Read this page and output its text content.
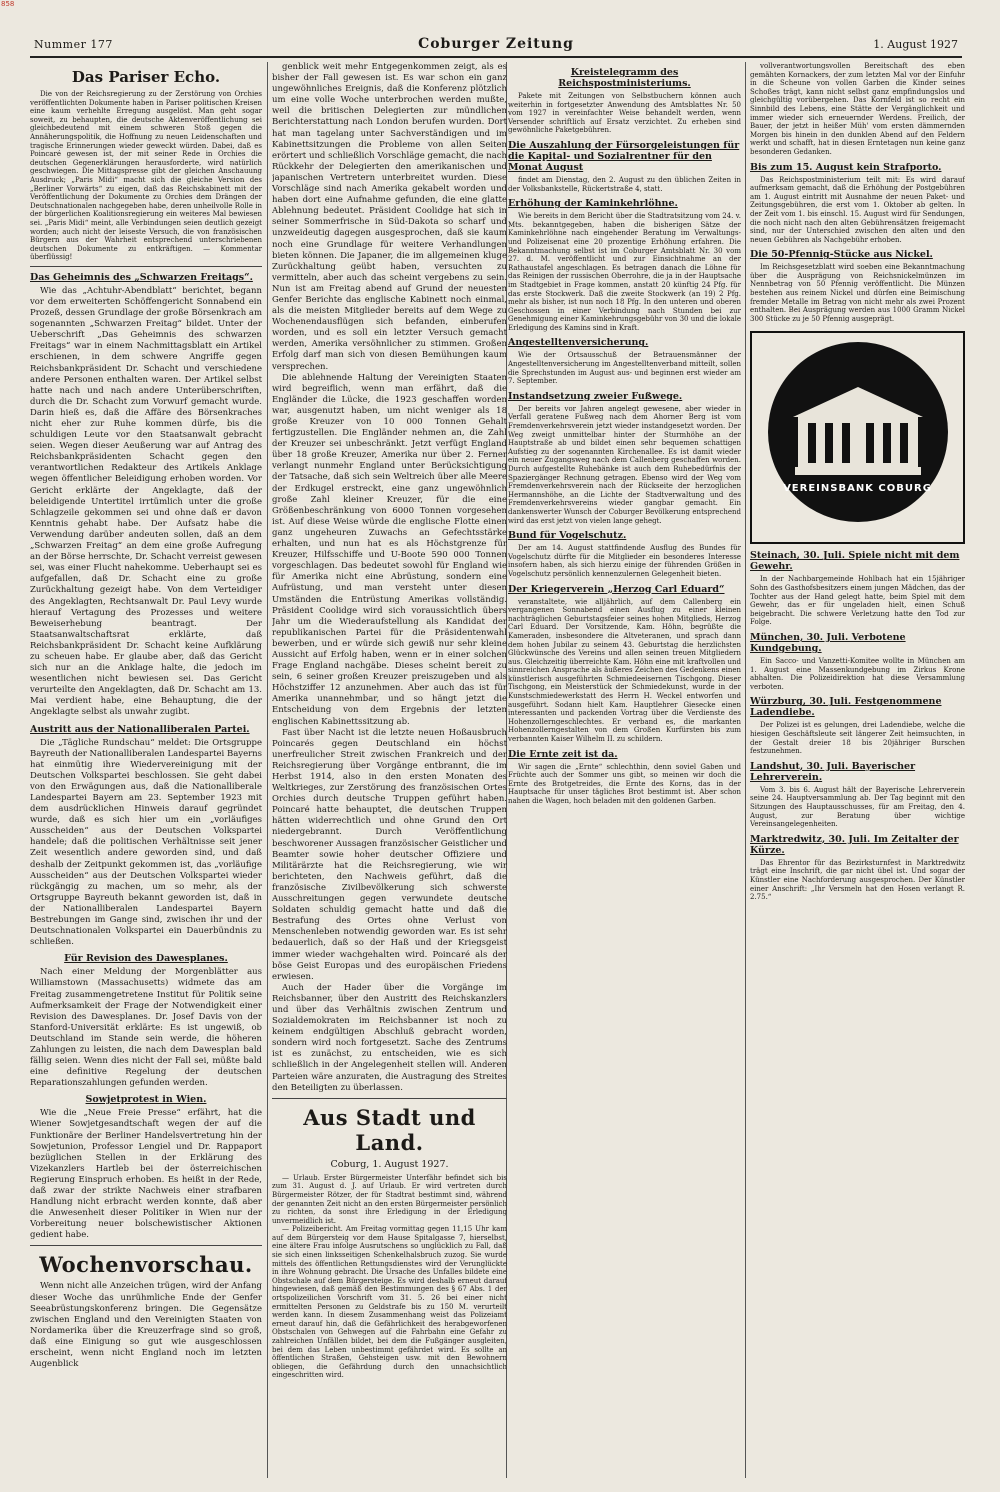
858
Nummer 177	Coburger Zeitung	1. August 1927
Das Pariser Echo.

Die von der Reichsregierung zu der Zerstörung von Orchies veröffentlichten Dokumente haben in Pariser politischen Kreisen eine kaum verhehlte Erregung ausgelöst. Man geht sogar soweit, zu behaupten, die deutsche Aktenveröffentlichung sei gleichbedeutend mit einem schweren Stoß gegen die Annäherungspolitik, die Hoffnung zu neuen Leidenschaften und tragische Erinnerungen wieder geweckt würden. Dabei, daß es Poincaré gewesen ist, der mit seiner Rede in Orchies die deutschen Gegenerklärungen herausforderte, wird natürlich geschwiegen. Die Mittagspresse gibt der gleichen Anschauung Ausdruck; „Paris Midi“ macht sich die gleiche Version des „Berliner Vorwärts“ zu eigen, daß das Reichskabinett mit der Veröffentlichung der Dokumente zu Orchies dem Drängen der Deutschnationalen nachgegeben habe, deren unheilvolle Rolle in der bürgerlichen Koalitionsregierung ein weiteres Mal bewiesen sei. „Paris Midi“ meint, alle Verbindungen seien deutlich gezeigt worden; auch nicht der leiseste Versuch, die von französischen Bürgern aus der Wahrheit entsprechend unterschriebenen deutschen Dokumente zu entkräftigen. — Kommentar überflüssig!

Das Geheimnis des „Schwarzen Freitags“.

Wie das „Achtuhr-Abendblatt“ berichtet, begann vor dem erweiterten Schöffengericht Sonnabend ein Prozeß, dessen Grundlage der große Börsenkrach am sogenannten „Schwarzen Freitag“ bildet. Unter der Ueberschrift „Das Geheimnis des schwarzen Freitags“ war in einem Nachmittagsblatt ein Artikel erschienen, in dem schwere Angriffe gegen Reichsbankpräsident Dr. Schacht und verschiedene andere Personen enthalten waren. Der Artikel selbst hatte nach und nach andere Unterüberschriften, durch die Dr. Schacht zum Vorwurf gemacht wurde. Darin hieß es, daß die Affäre des Börsenkraches nicht eher zur Ruhe kommen dürfe, bis die schuldigen Leute vor den Staatsanwalt gebracht seien. Wegen dieser Aeußerung war auf Antrag des Reichsbankpräsidenten Schacht gegen den verantwortlichen Redakteur des Artikels Anklage wegen öffentlicher Beleidigung erhoben worden. Vor Gericht erklärte der Angeklagte, daß der beleidigende Untertitel irrtümlich unter die große Schlagzeile gekommen sei und ohne daß er davon Kenntnis gehabt habe. Der Aufsatz habe die Verwendung darüber andeuten sollen, daß an dem „Schwarzen Freitag“ an dem eine große Aufregung an der Börse herrschte, Dr. Schacht verreist gewesen sei, was einer Flucht nahekomme. Ueberhaupt sei es aufgefallen, daß Dr. Schacht eine zu große Zurückhaltung gezeigt habe. Von dem Verteidiger des Angeklagten, Rechtsanwalt Dr. Paul Levy wurde hierauf Vertagung des Prozesses und weitere Beweiserhebung beantragt. Der Staatsanwaltschaftsrat erklärte, daß Reichsbankpräsident Dr. Schacht keine Aufklärung zu scheuen habe. Er glaube aber, daß das Gericht sich nur an die Anklage halte, die jedoch im wesentlichen nicht bewiesen sei. Das Gericht verurteilte den Angeklagten, daß Dr. Schacht am 13. Mai verdient habe, eine Behauptung, die der Angeklagte selbst als unwahr zugibt.

Austritt aus der Nationalliberalen Partei.

Die „Tägliche Rundschau“ meldet: Die Ortsgruppe Bayreuth der Nationalliberalen Landespartei Bayerns hat einmütig ihre Wiedervereinigung mit der Deutschen Volkspartei beschlossen. Sie geht dabei von den Erwägungen aus, daß die Nationalliberale Landespartei Bayern am 23. September 1923 mit dem ausdrücklichen Hinweis darauf gegründet wurde, daß es sich hier um ein „vorläufiges Ausscheiden“ aus der Deutschen Volkspartei handele; daß die politischen Verhältnisse seit jener Zeit wesentlich andere geworden sind, und daß deshalb der Zeitpunkt gekommen ist, das „vorläufige Ausscheiden“ aus der Deutschen Volkspartei wieder rückgängig zu machen, um so mehr, als der Ortsgruppe Bayreuth bekannt geworden ist, daß in der Nationalliberalen Landespartei Bayern Bestrebungen im Gange sind, zwischen ihr und der Deutschnationalen Volkspartei ein Dauerbündnis zu schließen.

Für Revision des Dawesplanes.

Nach einer Meldung der Morgenblätter aus Williamstown (Massachusetts) widmete das am Freitag zusammengetretene Institut für Politik seine Aufmerksamkeit der Frage der Notwendigkeit einer Revision des Dawesplanes. Dr. Josef Davis von der Stanford-Universität erklärte: Es ist ungewiß, ob Deutschland im Stande sein werde, die höheren Zahlungen zu leisten, die nach dem Dawesplan bald fällig seien. Wenn dies nicht der Fall sei, müßte bald eine definitive Regelung der deutschen Reparationszahlungen gefunden werden.

Sowjetprotest in Wien.

Wie die „Neue Freie Presse“ erfährt, hat die Wiener Sowjetgesandtschaft wegen der auf die Funktionäre der Berliner Handelsvertretung hin der Sowjetunion, Professor Lengiel und Dr. Rappaport bezüglichen Stellen in der Erklärung des Vizekanzlers Hartleb bei der österreichischen Regierung Einspruch erhoben. Es heißt in der Rede, daß zwar der strikte Nachweis einer strafbaren Handlung nicht erbracht werden konnte, daß aber die Anwesenheit dieser Politiker in Wien nur der Vorbereitung neuer bolschewistischer Aktionen gedient habe.

Wochenvorschau.

Wenn nicht alle Anzeichen trügen, wird der Anfang dieser Woche das unrühmliche Ende der Genfer Seeabrüstungskonferenz bringen. Die Gegensätze zwischen England und den Vereinigten Staaten von Nordamerika über die Kreuzerfrage sind so groß, daß eine Einigung so gut wie ausgeschlossen erscheint, wenn nicht England noch im letzten Augenblick

genblick weit mehr Entgegenkommen zeigt, als es bisher der Fall gewesen ist. Es war schon ein ganz ungewöhnliches Ereignis, daß die Konferenz plötzlich um eine volle Woche unterbrochen werden mußte, weil die britischen Delegierten zur mündlichen Berichterstattung nach London berufen wurden. Dort hat man tagelang unter Sachverständigen und im Kabinettsitzungen die Probleme von allen Seiten erörtert und schließlich Vorschläge gemacht, die nach Rückkehr der Delegierten den amerikanischen und japanischen Vertretern unterbreitet wurden. Diese Vorschläge sind nach Amerika gekabelt worden und haben dort eine Aufnahme gefunden, die eine glatte Ablehnung bedeutet. Präsident Coolidge hat sich in seiner Sommerfrische in Süd-Dakota so scharf und unzweideutig dagegen ausgesprochen, daß sie kaum noch eine Grundlage für weitere Verhandlungen bieten können. Die Japaner, die im allgemeinen kluge Zurückhaltung geübt haben, versuchten zu vermitteln, aber auch das scheint vergebens zu sein. Nun ist am Freitag abend auf Grund der neuesten Genfer Berichte das englische Kabinett noch einmal, als die meisten Mitglieder bereits auf dem Wege zu Wochenendausflügen sich befanden, einberufen worden, und es soll ein letzter Versuch gemacht werden, Amerika versöhnlicher zu stimmen. Großen Erfolg darf man sich von diesen Bemühungen kaum versprechen.

Die ablehnende Haltung der Vereinigten Staaten wird begreiflich, wenn man erfährt, daß die Engländer die Lücke, die 1923 geschaffen worden war, ausgenutzt haben, um nicht weniger als 18 große Kreuzer von 10 000 Tonnen Gehalt fertigzustellen. Die Engländer nehmen an, die Zahl der Kreuzer sei unbeschränkt. Jetzt verfügt England über 18 große Kreuzer, Amerika nur über 2. Ferner verlangt nunmehr England unter Berücksichtigung der Tatsache, daß sich sein Weltreich über alle Meere der Erdkugel erstreckt, eine ganz ungewöhnlich große Zahl kleiner Kreuzer, für die eine Größenbeschränkung von 6000 Tonnen vorgesehen ist. Auf diese Weise würde die englische Flotte einen ganz ungeheuren Zuwachs an Gefechtsstärke erhalten, und nun hat es als Höchstgrenze für Kreuzer, Hilfsschiffe und U-Boote 590 000 Tonnen vorgeschlagen. Das bedeutet sowohl für England wie für Amerika nicht eine Abrüstung, sondern eine Aufrüstung, und man versteht unter diesen Umständen die Entrüstung Amerikas vollständig. Präsident Coolidge wird sich voraussichtlich übers Jahr um die Wiederaufstellung als Kandidat der republikanischen Partei für die Präsidentenwahl bewerben, und er würde sich gewiß nur sehr kleine Aussicht auf Erfolg haben, wenn er in einer solchen Frage England nachgäbe. Dieses scheint bereit zu sein, 6 seiner großen Kreuzer preiszugeben und als Höchstziffer 12 anzunehmen. Aber auch das ist für Amerika unannehmbar, und so hängt jetzt die Entscheidung von dem Ergebnis der letzten englischen Kabinettssitzung ab.

Fast über Nacht ist die letzte neuen Hoßausbruch Poincarés gegen Deutschland ein höchst unerfreulicher Streit zwischen Frankreich und der Reichsregierung über Vorgänge entbrannt, die im Herbst 1914, also in den ersten Monaten des Weltkrieges, zur Zerstörung des französischen Ortes Orchies durch deutsche Truppen geführt haben. Poincaré hatte behauptet, die deutschen Truppen hätten widerrechtlich und ohne Grund den Ort niedergebrannt. Durch Veröffentlichung beschworener Aussagen französischer Geistlicher und Beamter sowie hoher deutscher Offiziere und Militärärzte hat die Reichsregierung, wie wir berichteten, den Nachweis geführt, daß die französische Zivilbevölkerung sich schwerste Ausschreitungen gegen verwundete deutsche Soldaten schuldig gemacht hatte und daß die Bestrafung des Ortes ohne Verlust von Menschenleben notwendig geworden war. Es ist sehr bedauerlich, daß so der Haß und der Kriegsgeist immer wieder wachgehalten wird. Poincaré als der böse Geist Europas und des europäischen Friedens erwiesen.

Auch der Hader über die Vorgänge im Reichsbanner, über den Austritt des Reichskanzlers und über das Verhältnis zwischen Zentrum und Sozialdemokraten im Reichsbanner ist noch zu keinem endgültigen Abschluß gebracht worden, sondern wird noch fortgesetzt. Sache des Zentrums ist es zunächst, zu entscheiden, wie es sich schließlich in der Angelegenheit stellen will. Anderen Parteien wäre anzuraten, die Austragung des Streites den Beteiligten zu überlassen.

Aus Stadt und Land.
Coburg, 1. August 1927.

— Urlaub. Erster Bürgermeister Unterfähr befindet sich bis zum 31. August d. J. auf Urlaub. Er wird vertreten durch Bürgermeister Rötzer, der für Stadtrat bestimmt sind, während der genannten Zeit nicht an den ersten Bürgermeister persönlich zu richten, da sonst ihre Erledigung in der Erledigung unvermeidlich ist.

— Polizeibericht. Am Freitag vormittag gegen 11,15 Uhr kam auf dem Bürgersteig vor dem Hause Spitalgasse 7, hierselbst, eine ältere Frau infolge Ausrutschens so unglücklich zu Fall, daß sie sich einen linksseitigen Schenkelhalsbruch zuzog. Sie wurde mittels des öffentlichen Rettungsdienstes wird der Verunglückte in ihre Wohnung gebracht. Die Ursache des Unfalles bildete eine Obstschale auf dem Bürgersteige. Es wird deshalb erneut darauf hingewiesen, daß gemäß den Bestimmungen des § 67 Abs. 1 der ortspolizeilichen Vorschrift vom 31. 5. 26 bei einer nicht ermittelten Personen zu Geldstrafe bis zu 150 M. verurteilt werden kann. In diesem Zusammenhang weist das Polizeiamt erneut darauf hin, daß die Gefährlichkeit des herabgeworfenen Obstschalen von Gehwegen auf die Fahrbahn eine Gefahr zu zahlreichen Unfällen bildet, bei dem die Fußgänger ausgleiten, bei dem das Leben unbestimmt gefährdet wird. Es sollte an öffentlichen Straßen, Gehsteigen usw. mit den Bewohnern obliegen, die Gefährdung durch den unnachsichtlich eingeschritten wird.

Kreistelegramm des Reichspostministeriums.

Pakete mit Zeitungen von Selbstbuchern können auch weiterhin in fortgesetzter Anwendung des Amtsblattes Nr. 50 vom 1927 in vereinfachter Weise behandelt werden, wenn Versender schriftlich auf Ersatz verzichtet. Zu erheben sind gewöhnliche Paketgebühren.

Die Auszahlung der Fürsorgeleistungen für die Kapital- und Sozialrentner für den Monat August

findet am Dienstag, den 2. August zu den üblichen Zeiten in der Volksbankstelle, Rückertstraße 4, statt.

Erhöhung der Kaminkehrlöhne.

Wie bereits in dem Bericht über die Stadtratsitzung vom 24. v. Mts. bekanntgegeben, haben die bisherigen Sätze der Kaminkehrlöhne nach eingehender Beratung im Verwaltungs- und Polizeisenat eine 20 prozentige Erhöhung erfahren. Die Bekanntmachung selbst ist im Coburger Amtsblatt Nr. 30 vom 27. d. M. veröffentlicht und zur Einsichtnahme an der Rathaustafel angeschlagen. Es betragen danach die Löhne für das Reinigen der russischen Oberrohre, die ja in der Hauptsache im Stadtgebiet in Frage kommen, anstatt 20 künftig 24 Pfg. für das erste Stockwerk. Daß die zweite Stockwerk (an 19) 2 Pfg. mehr als bisher, ist nun noch 18 Pfg. In den unteren und oberen Geschossen in einer Verbindung nach Stunden bei zur Genehmigung einer Kaminkehrungsgebühr von 30 und die lokale Erledigung des Kamins sind in Kraft.

Angestelltenversicherung.

Wie der Ortsausschuß der Betrauensmänner der Angestelltenversicherung im Angestelltenverband mitteilt, sollen die Sprechstunden im August aus- und beginnen erst wieder am 7. September.

Instandsetzung zweier Fußwege.

Der bereits vor Jahren angelegt gewesene, aber wieder in Verfall geratene Fußweg nach dem Ahorner Berg ist vom Fremdenverkehrsverein jetzt wieder instandgesetzt worden. Der Weg zweigt unmittelbar hinter der Sturmhöhe an der Hauptstraße ab und bildet einen sehr bequemen schattigen Aufstieg zu der sogenannten Kirchenallee. Es ist damit wieder ein neuer Zugangsweg nach dem Callenberg geschaffen worden. Durch aufgestellte Ruhebänke ist auch dem Ruhebedürfnis der Spaziergänger Rechnung getragen. Ebenso wird der Weg vom Fremdenverkehrsverein nach der Rückseite der herzoglichen Hermannshöhe, an die Lichte der Stadtverwaltung und des Fremdenverkehrsvereins wieder gangbar gemacht. Ein dankenswerter Wunsch der Coburger Bevölkerung entsprechend wird das erst jetzt von vielen lange gehegt.

Bund für Vogelschutz.

Der am 14. August stattfindende Ausflug des Bundes für Vogelschutz dürfte für die Mitglieder ein besonderes Interesse insofern haben, als sich hierzu einige der führenden Größen in Vogelschutz persönlich kennenzulernen Gelegenheit bieten.

Der Kriegerverein „Herzog Carl Eduard“

veranstaltete, wie alljährlich, auf dem Callenberg ein vergangenen Sonnabend einen Ausflug zu einer kleinen nachträglichen Geburtstagsfeier seines hohen Mitglieds, Herzog Carl Eduard. Der Vorsitzende, Kam. Höhn, begrüßte die Kameraden, insbesondere die Altveteranen, und sprach dann dem hohen Jubilar zu seinem 43. Geburtstag die herzlichsten Glückwünsche des Vereins und allen seinen treuen Mitgliedern aus. Gleichzeitig überreichte Kam. Höhn eine mit kraftvollen und sinnreichen Ansprache als äußeres Zeichen des Gedenkens einen künstlerisch ausgeführten Schmiedeeisernen Tischgong. Dieser Tischgong, ein Meisterstück der Schmiedekunst, wurde in der Kunstschmiedewerkstatt des Herrn H. Weckel entworfen und ausgeführt. Sodann hielt Kam. Hauptlehrer Giesecke einen interessanten und packenden Vortrag über die Verdienste des Hohenzollerngeschlechtes. Er verband es, die markanten Hohenzollerngestalten von dem Großen Kurfürsten bis zum verbannten Kaiser Wilhelm II. zu schildern.

Die Ernte zeit ist da.

Wir sagen die „Ernte“ schlechthin, denn soviel Gaben und Früchte auch der Sommer uns gibt, so meinen wir doch die Ernte des Brotgetreides, die Ernte des Korns, das in der Hauptsache für unser tägliches Brot bestimmt ist. Aber schon nahen die Wagen, hoch beladen mit den goldenen Garben.

vollverantwortungsvollen Bereitschaft des eben gemähten Kornackers, der zum letzten Mal vor der Einfuhr in die Scheune von vollen Garben die Kinder seines Schoßes trägt, kann nicht selbst ganz empfindungslos und gleichgültig vorübergehen. Das Kornfeld ist so recht ein Sinnbild des Lebens, eine Stätte der Vergänglichkeit und immer wieder sich erneuernder Werdens. Freilich, der Bauer, der jetzt in heißer Müh' vom ersten dämmernden Morgen bis hinein in den dunklen Abend auf den Feldern werkt und schafft, hat in diesen Erntetagen nun keine ganz besonderen Gedanken.

Bis zum 15. August kein Strafporto.

Das Reichspostministerium teilt mit: Es wird darauf aufmerksam gemacht, daß die Erhöhung der Postgebühren am 1. August eintritt mit Ausnahme der neuen Paket- und Zeitungsgebühren, die erst vom 1. Oktober ab gelten. In der Zeit vom 1. bis einschl. 15. August wird für Sendungen, die noch nicht nach den alten Gebührensätzen freigemacht sind, nur der Unterschied zwischen den alten und den neuen Gebühren als Nachgebühr erhoben.

Die 50-Pfennig-Stücke aus Nickel.

Im Reichsgesetzblatt wird soeben eine Bekanntmachung über die Ausprägung von Reichsnickelmünzen im Nennbetrag von 50 Pfennig veröffentlicht. Die Münzen bestehen aus reinem Nickel und dürfen eine Beimischung fremder Metalle im Betrag von nicht mehr als zwei Prozent enthalten. Bei Ausprägung werden aus 1000 Gramm Nickel 300 Stücke zu je 50 Pfennig ausgeprägt.

VEREINSBANK COBURG
Steinach, 30. Juli. Spiele nicht mit dem Gewehr.

In der Nachbargemeinde Hohlbach hat ein 15jähriger Sohn des Gasthofsbesitzers einem jungen Mädchen, das der Tochter aus der Hand gelegt hatte, beim Spiel mit dem Gewehr, das er für ungeladen hielt, einen Schuß beigebracht. Die schwere Verletzung hatte den Tod zur Folge.

München, 30. Juli. Verbotene Kundgebung.

Ein Sacco- und Vanzetti-Komitee wollte in München am 1. August eine Massenkundgebung im Zirkus Krone abhalten. Die Polizeidirektion hat diese Versammlung verboten.

Würzburg, 30. Juli. Festgenommene Ladendiebe.

Der Polizei ist es gelungen, drei Ladendiebe, welche die hiesigen Geschäftsleute seit längerer Zeit heimsuchten, in der Gestalt dreier 18 bis 20jähriger Burschen festzunehmen.

Landshut, 30. Juli. Bayerischer Lehrerverein.

Vom 3. bis 6. August hält der Bayerische Lehrerverein seine 24. Hauptversammlung ab. Der Tag beginnt mit den Sitzungen des Hauptausschusses, für am Freitag, den 4. August, zur Beratung über wichtige Vereinsangelegenheiten.

Marktredwitz, 30. Juli. Im Zeitalter der Kürze.

Das Ehrentor für das Bezirksturnfest in Marktredwitz trägt eine Inschrift, die gar nicht übel ist. Und sogar der Künstler eine Nachforderung ausgesprochen. Der Künstler einer Anschrift: „Ihr Versmeln hat den Hosen verlangt R. 2.75.“
